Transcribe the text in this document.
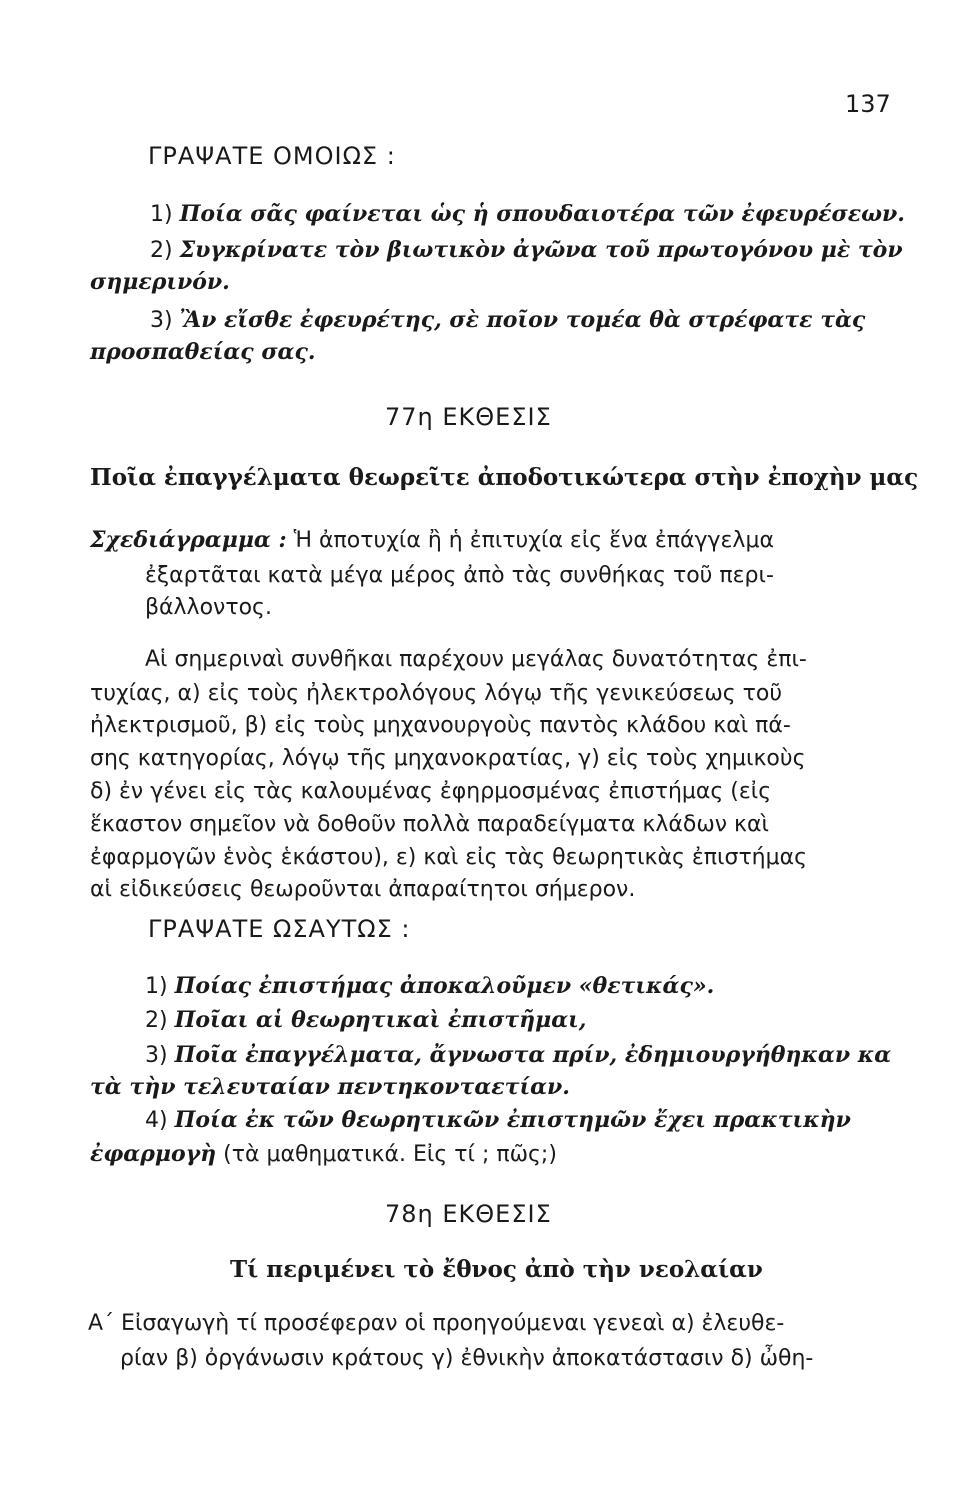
137
ΓΡΑΨΑΤΕ ΟΜΟΙΩΣ :
1) Ποία σᾶς φαίνεται ὡς ἡ σπουδαιοτέρα τῶν ἐφευρέσεων.
2) Συγκρίνατε τὸν βιωτικὸν ἀγῶνα τοῦ πρωτογόνου μὲ τὸν
σημερινόν.
3) Ἂν εἴσθε ἐφευρέτης, σὲ ποῖον τομέα θὰ στρέφατε τὰς
προσπαθείας σας.
77η ΕΚΘΕΣΙΣ
Ποῖα ἐπαγγέλματα θεωρεῖτε ἀποδοτικώτερα στὴν ἐποχὴν μας
Σχεδιάγραμμα : Ἡ ἀποτυχία ἢ ἡ ἐπιτυχία εἰς ἕνα ἐπάγγελμα
ἐξαρτᾶται κατὰ μέγα μέρος ἀπὸ τὰς συνθήκας τοῦ περι-
βάλλοντος.
Αἱ σημεριναὶ συνθῆκαι παρέχουν μεγάλας δυνατότητας ἐπι-
τυχίας, α) εἰς τοὺς ἠλεκτρολόγους λόγῳ τῆς γενικεύσεως τοῦ
ἠλεκτρισμοῦ, β) εἰς τοὺς μηχανουργοὺς παντὸς κλάδου καὶ πά-
σης κατηγορίας, λόγῳ τῆς μηχανοκρατίας, γ) εἰς τοὺς χημικοὺς
δ) ἐν γένει εἰς τὰς καλουμένας ἐφηρμοσμένας ἐπιστήμας (εἰς
ἕκαστον σημεῖον νὰ δοθοῦν πολλὰ παραδείγματα κλάδων καὶ
ἐφαρμογῶν ἑνὸς ἑκάστου), ε) καὶ εἰς τὰς θεωρητικὰς ἐπιστήμας
αἱ εἰδικεύσεις θεωροῦνται ἀπαραίτητοι σήμερον.
ΓΡΑΨΑΤΕ ΩΣΑΥΤΩΣ :
1) Ποίας ἐπιστήμας ἀποκαλοῦμεν «θετικάς».
2) Ποῖαι αἱ θεωρητικαὶ ἐπιστῆμαι,
3) Ποῖα ἐπαγγέλματα, ἄγνωστα πρίν, ἐδημιουργήθηκαν κα
τὰ τὴν τελευταίαν πεντηκονταετίαν.
4) Ποία ἐκ τῶν θεωρητικῶν ἐπιστημῶν ἔχει πρακτικὴν
ἐφαρμογὴ (τὰ μαθηματικά. Εἰς τί ; πῶς;)
78η ΕΚΘΕΣΙΣ
Τί περιμένει τὸ ἔθνος ἀπὸ τὴν νεολαίαν
Α΄ Εἰσαγωγὴ τί προσέφεραν οἱ προηγούμεναι γενεαὶ α) ἐλευθε-
ρίαν β) ὀργάνωσιν κράτους γ) ἐθνικὴν ἀποκατάστασιν δ) ὦθη-
